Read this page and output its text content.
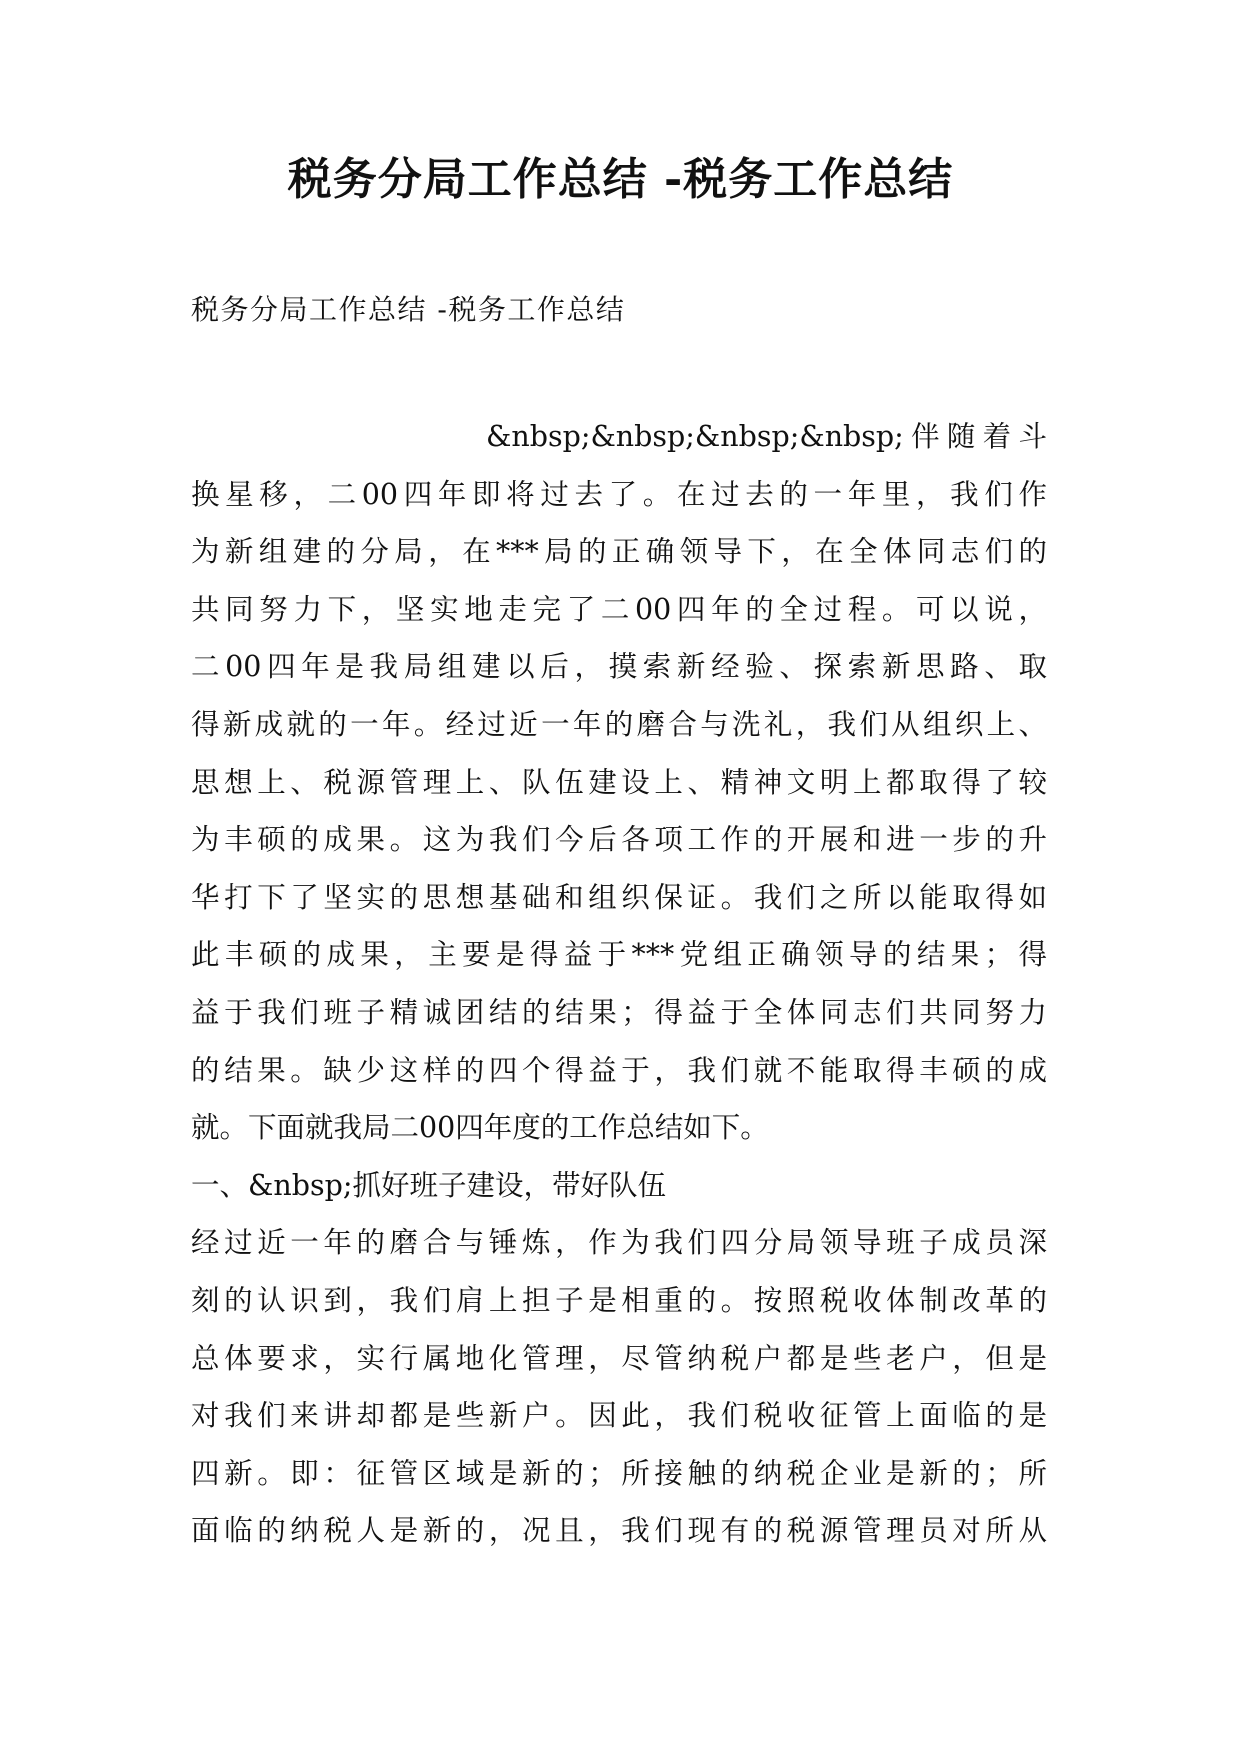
税务分局工作总结 -税务工作总结
税务分局工作总结 -税务工作总结
&nbsp;&nbsp;&nbsp;&nbsp;伴随着斗
换星移，二00四年即将过去了。在过去的一年里，我们作
为新组建的分局，在***局的正确领导下，在全体同志们的
共同努力下，坚实地走完了二00四年的全过程。可以说，
二00四年是我局组建以后，摸索新经验、探索新思路、取
得新成就的一年。经过近一年的磨合与洗礼，我们从组织上、
思想上、税源管理上、队伍建设上、精神文明上都取得了较
为丰硕的成果。这为我们今后各项工作的开展和进一步的升
华打下了坚实的思想基础和组织保证。我们之所以能取得如
此丰硕的成果，主要是得益于***党组正确领导的结果；得
益于我们班子精诚团结的结果；得益于全体同志们共同努力
的结果。缺少这样的四个得益于，我们就不能取得丰硕的成
就。下面就我局二00四年度的工作总结如下。
一、&nbsp;抓好班子建设，带好队伍
经过近一年的磨合与锤炼，作为我们四分局领导班子成员深
刻的认识到，我们肩上担子是相重的。按照税收体制改革的
总体要求，实行属地化管理，尽管纳税户都是些老户，但是
对我们来讲却都是些新户。因此，我们税收征管上面临的是
四新。即：征管区域是新的；所接触的纳税企业是新的；所
面临的纳税人是新的，况且，我们现有的税源管理员对所从
